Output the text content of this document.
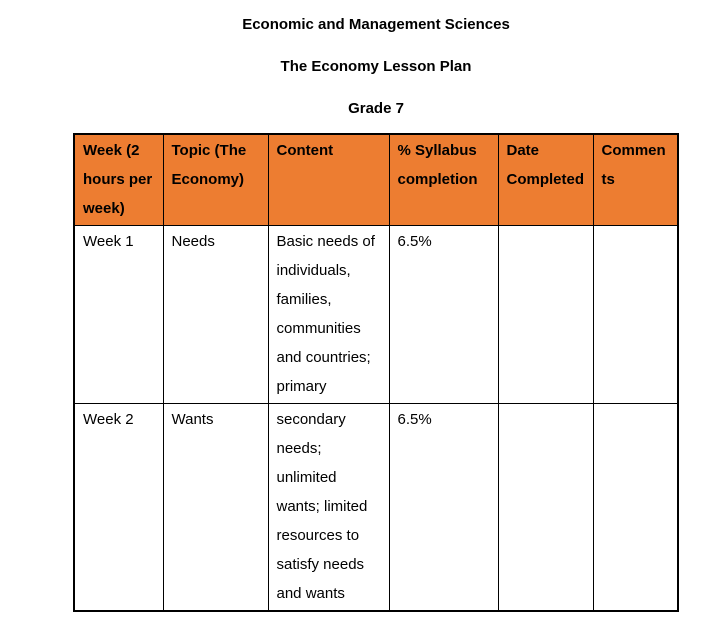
Economic and Management Sciences
The Economy Lesson Plan
Grade 7
Week (2 hours per week)	Topic (The Economy)	Content	% Syllabus completion	Date Completed	Comments
Week 1	Needs	Basic needs of individuals, families, communities and countries; primary	6.5%		
Week 2	Wants	secondary needs; unlimited wants; limited resources to satisfy needs and wants	6.5%		
